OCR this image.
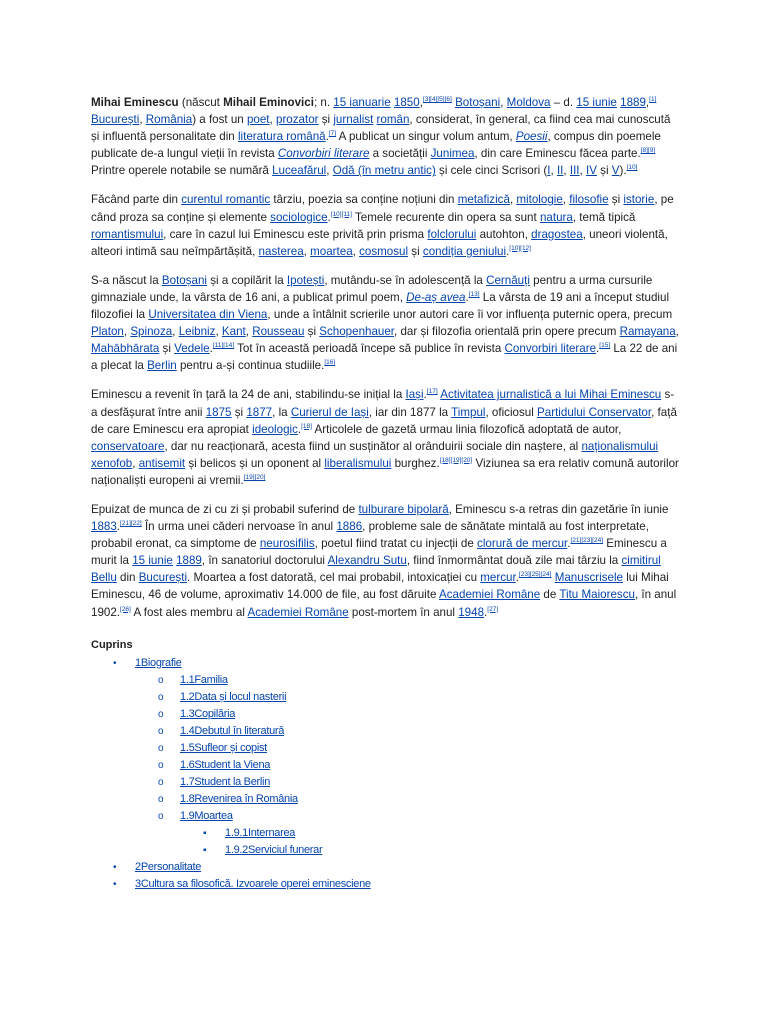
Mihai Eminescu (născut Mihail Eminovici; n. 15 ianuarie 1850,[3][4][5][6] Botoșani, Moldova – d. 15 iunie 1889,[1]
București, România) a fost un poet, prozator și jurnalist român, considerat, în general, ca fiind cea mai cunoscută și influentă personalitate din literatura română.[7] A publicat un singur volum antum, Poesii, compus din poemele publicate de-a lungul vieții în revista Convorbiri literare a societății Junimea, din care Eminescu făcea parte.[8][9] Printre operele notabile se numără Luceafărul, Odă (în metru antic) și cele cinci Scrisori (I, II, III, IV și V).[10]

Făcând parte din curentul romantic târziu, poezia sa conține noțiuni din metafizică, mitologie, filosofie și istorie, pe când proza sa conține și elemente sociologice.[10][11] Temele recurente din opera sa sunt natura, temă tipică romantismului, care în cazul lui Eminescu este privită prin prisma folclorului autohton, dragostea, uneori violentă, alteori intimă sau neîmpărtășită, nasterea, moartea, cosmosul și condiția geniului.[10][12]

S-a născut la Botoșani și a copilărit la Ipotești, mutându-se în adolescență la Cernăuți pentru a urma cursurile gimnaziale unde, la vârsta de 16 ani, a publicat primul poem, De-aș avea.[13] La vârsta de 19 ani a început studiul filozofiei la Universitatea din Viena, unde a întâlnit scrierile unor autori care îi vor influența puternic opera, precum Platon, Spinoza, Leibniz, Kant, Rousseau și Schopenhauer, dar și filozofia orientală prin opere precum Ramayana, Mahābhārata și Vedele.[11][14] Tot în această perioadă începe să publice în revista Convorbiri literare.[15] La 22 de ani a plecat la Berlin pentru a-și continua studiile.[16]

Eminescu a revenit în țară la 24 de ani, stabilindu-se inițial la Iași.[17] Activitatea jurnalistică a lui Mihai Eminescu s-a desfășurat între anii 1875 și 1877, la Curierul de Iași, iar din 1877 la Timpul, oficiosul Partidului Conservator, față de care Eminescu era apropiat ideologic.[18] Articolele de gazetă urmau linia filozofică adoptată de autor, conservatoare, dar nu reacționară, acesta fiind un susținător al orânduirii sociale din naștere, al naționalismului xenofob, antisemit și belicos și un oponent al liberalismului burghez.[18][19][20] Viziunea sa era relativ comună autorilor naționaliști europeni ai vremii.[19][20]

Epuizat de munca de zi cu zi și probabil suferind de tulburare bipolară, Eminescu s-a retras din gazetărie în iunie 1883.[21][22] În urma unei căderi nervoase în anul 1886, probleme sale de sănătate mintală au fost interpretate, probabil eronat, ca simptome de neurosifilis, poetul fiind tratat cu injecții de clorură de mercur.[21][23][24] Eminescu a murit la 15 iunie 1889, în sanatoriul doctorului Alexandru Sutu, fiind înmormântat două zile mai târziu la cimitirul Bellu din București. Moartea a fost datorată, cel mai probabil, intoxicației cu mercur.[23][25][24] Manuscrisele lui Mihai Eminescu, 46 de volume, aproximativ 14.000 de file, au fost dăruite Academiei Române de Titu Maiorescu, în anul 1902.[26] A fost ales membru al Academiei Române post-mortem în anul 1948.[27]

Cuprins
• 1Biografie
o 1.1Familia
o 1.2Data și locul nasterii
o 1.3Copilăria
o 1.4Debutul în literatură
o 1.5Sufleor și copist
o 1.6Student la Viena
o 1.7Student la Berlin
o 1.8Revenirea în România
o 1.9Moartea
▪ 1.9.1Internarea
▪ 1.9.2Serviciul funerar
• 2Personalitate
• 3Cultura sa filosofică. Izvoarele operei eminesciene
